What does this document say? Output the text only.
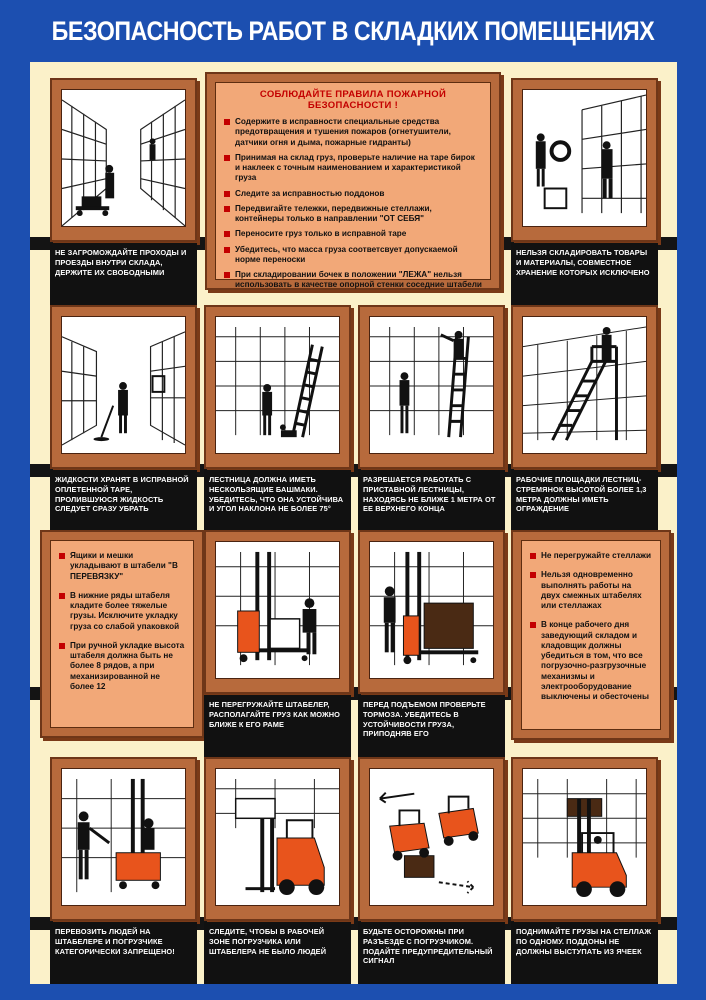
БЕЗОПАСНОСТЬ РАБОТ В СКЛАДКИХ ПОМЕЩЕНИЯХ
НЕ ЗАГРОМОЖДАЙТЕ ПРОХОДЫ И ПРОЕЗДЫ ВНУТРИ СКЛАДА, ДЕРЖИТЕ ИХ СВОБОДНЫМИ
СОБЛЮДАЙТЕ ПРАВИЛА ПОЖАРНОЙ БЕЗОПАСНОСТИ !
Содержите в исправности специальные средства предотвращения и тушения пожаров (огнетушители, датчики огня и дыма, пожарные гидранты)
Принимая на склад груз, проверьте наличие на таре бирок и наклеек с точным наименованием и характеристикой груза
Следите за исправностью поддонов
Передвигайте тележки, передвижные стеллажи, контейнеры только в направлении "ОТ СЕБЯ"
Переносите груз только в исправной таре
Убедитесь, что масса груза соответсвует допускаемой норме переноски
При складировании бочек в положении "ЛЕЖА" нельзя использовать в качестве опорной стенки соседние штабели
НЕЛЬЗЯ СКЛАДИРОВАТЬ ТОВАРЫ И МАТЕРИАЛЫ, СОВМЕСТНОЕ ХРАНЕНИЕ КОТОРЫХ ИСКЛЮЧЕНО
ЖИДКОСТИ ХРАНЯТ В ИСПРАВНОЙ ОПЛЕТЕННОЙ ТАРЕ, ПРОЛИВШУЮСЯ ЖИДКОСТЬ СЛЕДУЕТ СРАЗУ УБРАТЬ
ЛЕСТНИЦА ДОЛЖНА ИМЕТЬ НЕСКОЛЬЗЯЩИЕ БАШМАКИ. УБЕДИТЕСЬ, ЧТО ОНА УСТОЙЧИВА И УГОЛ НАКЛОНА НЕ БОЛЕЕ 75°
РАЗРЕШАЕТСЯ РАБОТАТЬ С ПРИСТАВНОЙ ЛЕСТНИЦЫ, НАХОДЯСЬ НЕ БЛИЖЕ 1 МЕТРА ОТ ЕЕ ВЕРХНЕГО КОНЦА
РАБОЧИЕ ПЛОЩАДКИ ЛЕСТНИЦ-СТРЕМЯНОК ВЫСОТОЙ БОЛЕЕ 1,3 МЕТРА ДОЛЖНЫ ИМЕТЬ ОГРАЖДЕНИЕ
Ящики и мешки укладывают в штабели "В ПЕРЕВЯЗКУ"
В нижние ряды штабеля кладите более тяжелые грузы. Исключите укладку груза со слабой упаковкой
При ручной укладке высота штабеля должна быть не более 8 рядов, а при механизированной не более 12
НЕ ПЕРЕГРУЖАЙТЕ ШТАБЕЛЕР, РАСПОЛАГАЙТЕ ГРУЗ КАК МОЖНО БЛИЖЕ К ЕГО РАМЕ
ПЕРЕД ПОДЪЕМОМ ПРОВЕРЬТЕ ТОРМОЗА. УБЕДИТЕСЬ В УСТОЙЧИВОСТИ ГРУЗА, ПРИПОДНЯВ ЕГО
Не перегружайте стеллажи
Нельзя одновременно выполнять работы на двух смежных штабелях или стеллажах
В конце рабочего дня заведующий складом и кладовщик должны убедиться в том, что все погрузочно-разгрузочные механизмы и электрооборудование выключены и обесточены
ПЕРЕВОЗИТЬ ЛЮДЕЙ НА ШТАБЕЛЕРЕ И ПОГРУЗЧИКЕ КАТЕГОРИЧЕСКИ ЗАПРЕЩЕНО!
СЛЕДИТЕ, ЧТОБЫ В РАБОЧЕЙ ЗОНЕ ПОГРУЗЧИКА ИЛИ ШТАБЕЛЕРА НЕ БЫЛО ЛЮДЕЙ
БУДЬТЕ ОСТОРОЖНЫ ПРИ РАЗЪЕЗДЕ С ПОГРУЗЧИКОМ. ПОДАЙТЕ ПРЕДУПРЕДИТЕЛЬНЫЙ СИГНАЛ
ПОДНИМАЙТЕ ГРУЗЫ НА СТЕЛЛАЖ ПО ОДНОМУ. ПОДДОНЫ НЕ ДОЛЖНЫ ВЫСТУПАТЬ ИЗ ЯЧЕЕК
